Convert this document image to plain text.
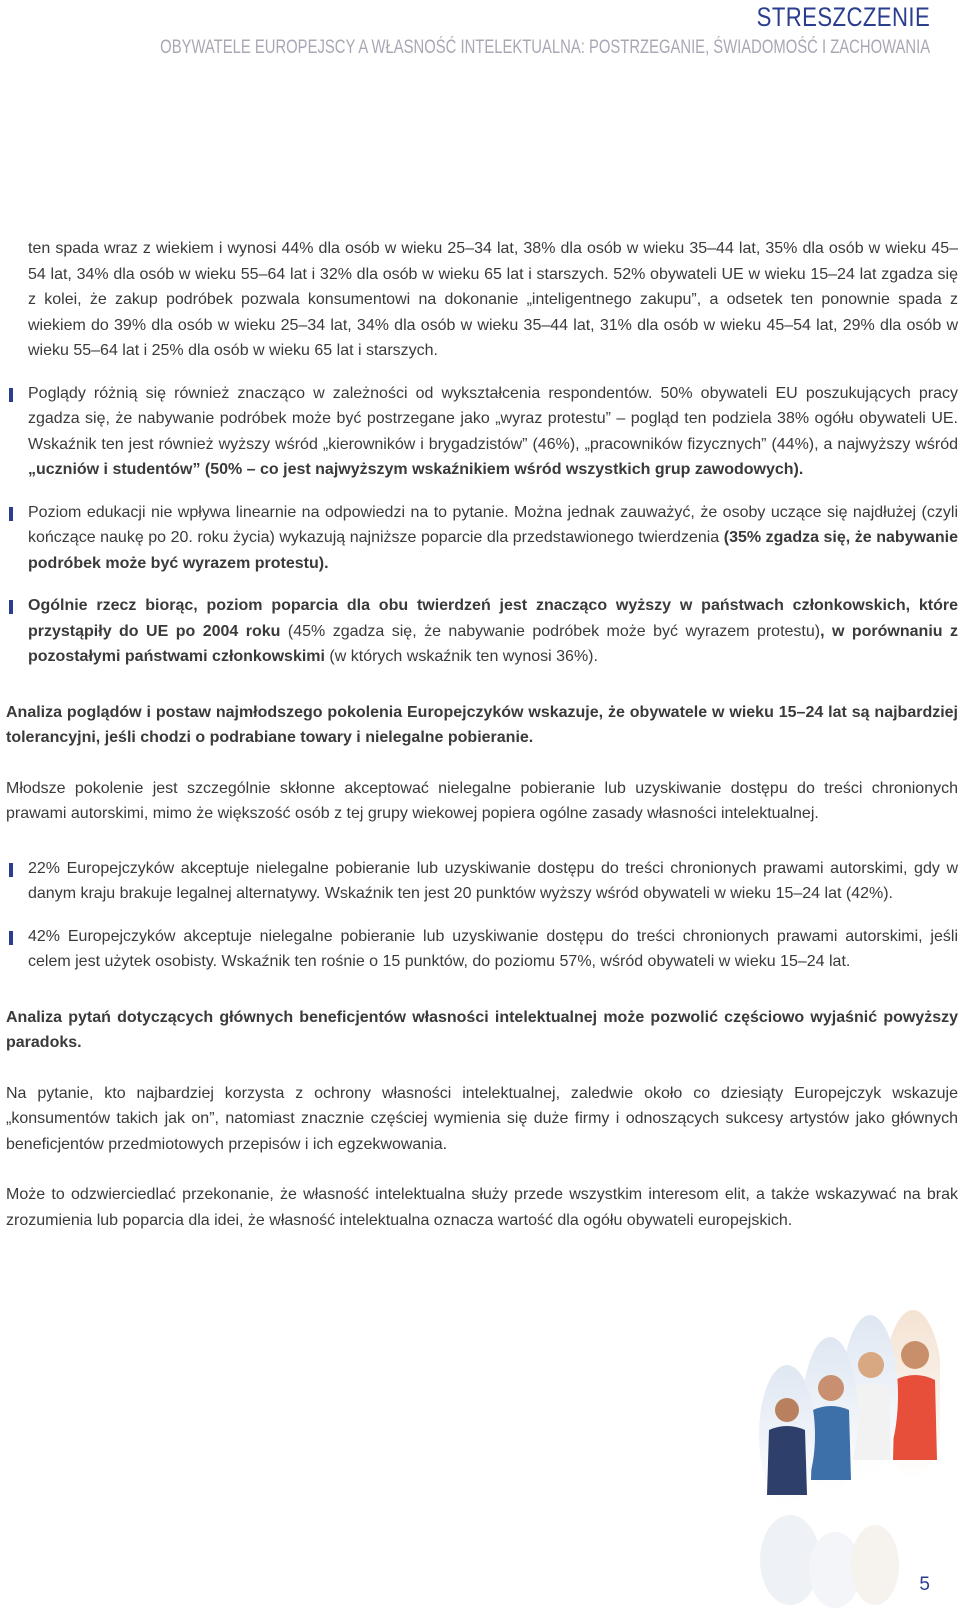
STRESZCZENIE
OBYWATELE EUROPEJSCY A WŁASNOŚĆ INTELEKTUALNA: POSTRZEGANIE, ŚWIADOMOŚĆ I ZACHOWANIA

ten spada wraz z wiekiem i wynosi 44% dla osób w wieku 25–34 lat, 38% dla osób w wieku 35–44 lat, 35% dla osób w wieku 45–54 lat, 34% dla osób w wieku 55–64 lat i 32% dla osób w wieku 65 lat i starszych. 52% obywateli UE w wieku 15–24 lat zgadza się z kolei, że zakup podróbek pozwala konsumentowi na dokonanie „inteligentnego zakupu”, a odsetek ten ponownie spada z wiekiem do 39% dla osób w wieku 25–34 lat, 34% dla osób w wieku 35–44 lat, 31% dla osób w wieku 45–54 lat, 29% dla osób w wieku 55–64 lat i 25% dla osób w wieku 65 lat i starszych.

Poglądy różnią się również znacząco w zależności od wykształcenia respondentów. 50% obywateli EU poszukujących pracy zgadza się, że nabywanie podróbek może być postrzegane jako „wyraz protestu” – pogląd ten podziela 38% ogółu obywateli UE. Wskaźnik ten jest również wyższy wśród „kierowników i brygadzistów” (46%), „pracowników fizycznych” (44%), a najwyższy wśród „uczniów i studentów” (50% – co jest najwyższym wskaźnikiem wśród wszystkich grup zawodowych).

Poziom edukacji nie wpływa linearnie na odpowiedzi na to pytanie. Można jednak zauważyć, że osoby uczące się najdłużej (czyli kończące naukę po 20. roku życia) wykazują najniższe poparcie dla przedstawionego twierdzenia (35% zgadza się, że nabywanie podróbek może być wyrazem protestu).

Ogólnie rzecz biorąc, poziom poparcia dla obu twierdzeń jest znacząco wyższy w państwach członkowskich, które przystąpiły do UE po 2004 roku (45% zgadza się, że nabywanie podróbek może być wyrazem protestu), w porównaniu z pozostałymi państwami członkowskimi (w których wskaźnik ten wynosi 36%).

Analiza poglądów i postaw najmłodszego pokolenia Europejczyków wskazuje, że obywatele w wieku 15–24 lat są najbardziej tolerancyjni, jeśli chodzi o podrabiane towary i nielegalne pobieranie.

Młodsze pokolenie jest szczególnie skłonne akceptować nielegalne pobieranie lub uzyskiwanie dostępu do treści chronionych prawami autorskimi, mimo że większość osób z tej grupy wiekowej popiera ogólne zasady własności intelektualnej.

22% Europejczyków akceptuje nielegalne pobieranie lub uzyskiwanie dostępu do treści chronionych prawami autorskimi, gdy w danym kraju brakuje legalnej alternatywy. Wskaźnik ten jest 20 punktów wyższy wśród obywateli w wieku 15–24 lat (42%).

42% Europejczyków akceptuje nielegalne pobieranie lub uzyskiwanie dostępu do treści chronionych prawami autorskimi, jeśli celem jest użytek osobisty. Wskaźnik ten rośnie o 15 punktów, do poziomu 57%, wśród obywateli w wieku 15–24 lat.

Analiza pytań dotyczących głównych beneficjentów własności intelektualnej może pozwolić częściowo wyjaśnić powyższy paradoks.

Na pytanie, kto najbardziej korzysta z ochrony własności intelektualnej, zaledwie około co dziesiąty Europejczyk wskazuje „konsumentów takich jak on”, natomiast znacznie częściej wymienia się duże firmy i odnoszących sukcesy artystów jako głównych beneficjentów przedmiotowych przepisów i ich egzekwowania.

Może to odzwierciedlać przekonanie, że własność intelektualna służy przede wszystkim interesom elit, a także wskazywać na brak zrozumienia lub poparcia dla idei, że własność intelektualna oznacza wartość dla ogółu obywateli europejskich.

5
